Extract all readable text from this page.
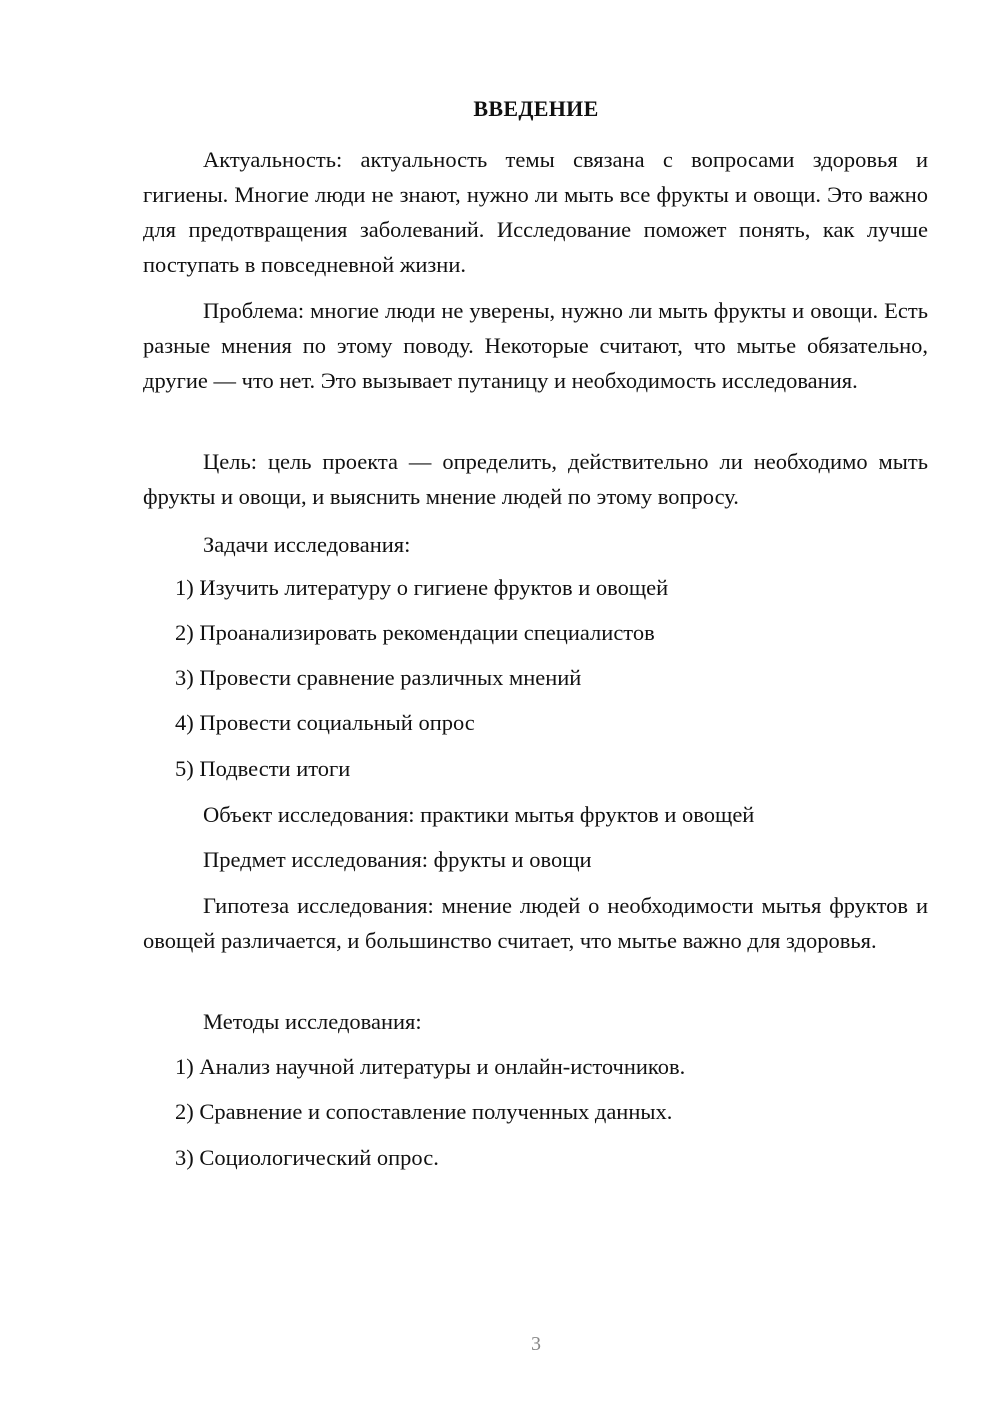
ВВЕДЕНИЕ

Актуальность: актуальность темы связана с вопросами здоровья и гигиены. Многие люди не знают, нужно ли мыть все фрукты и овощи. Это важно для предотвращения заболеваний. Исследование поможет понять, как лучше поступать в повседневной жизни.

Проблема: многие люди не уверены, нужно ли мыть фрукты и овощи. Есть разные мнения по этому поводу. Некоторые считают, что мытье обязательно, другие — что нет. Это вызывает путаницу и необходимость исследования.

Цель: цель проекта — определить, действительно ли необходимо мыть фрукты и овощи, и выяснить мнение людей по этому вопросу.

Задачи исследования:

1) Изучить литературу о гигиене фруктов и овощей

2) Проанализировать рекомендации специалистов

3) Провести сравнение различных мнений

4) Провести социальный опрос

5) Подвести итоги

Объект исследования: практики мытья фруктов и овощей

Предмет исследования: фрукты и овощи

Гипотеза исследования: мнение людей о необходимости мытья фруктов и овощей различается, и большинство считает, что мытье важно для здоровья.

Методы исследования:

1) Анализ научной литературы и онлайн-источников.

2) Сравнение и сопоставление полученных данных.

3) Социологический опрос.

3
